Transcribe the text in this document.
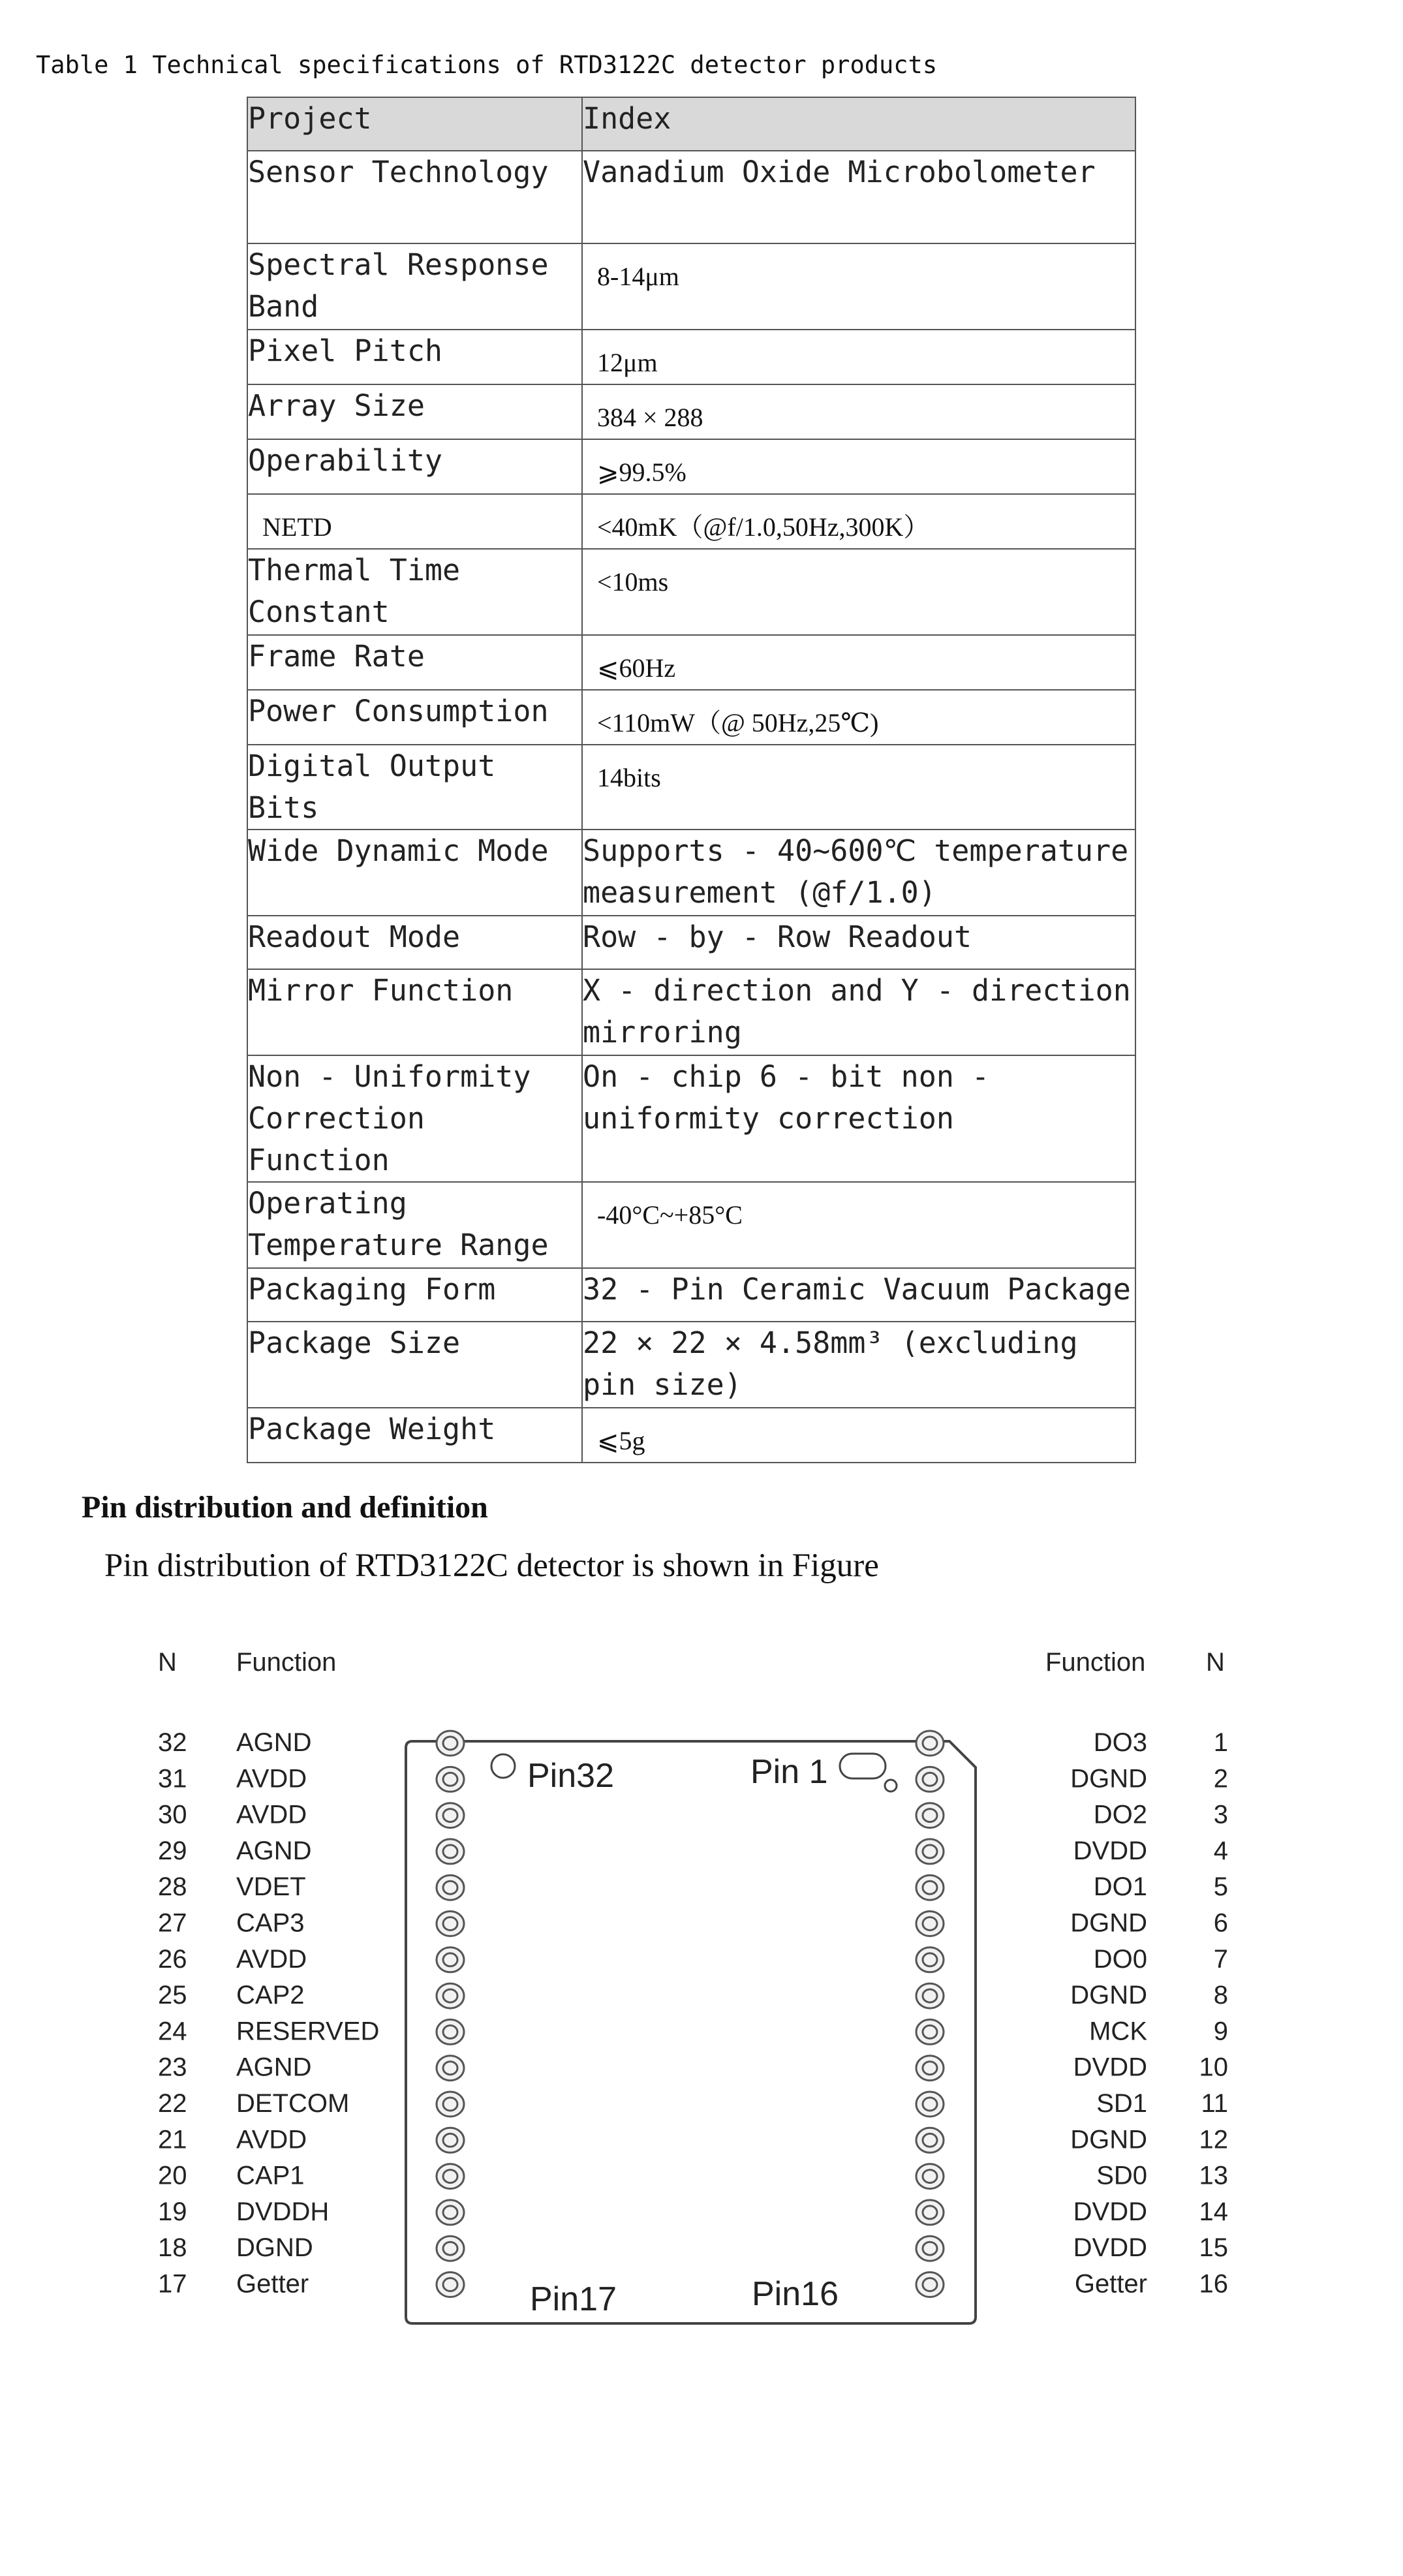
Table 1 Technical specifications of RTD3122C detector products
Project	Index
Sensor Technology	Vanadium Oxide Microbolometer
Spectral Response Band	8-14μm
Pixel Pitch	12μm
Array Size	384 × 288
Operability	⩾99.5%
NETD	<40mK（@f/1.0,50Hz,300K）
Thermal Time Constant	<10ms
Frame Rate	⩽60Hz
Power Consumption	<110mW（@ 50Hz,25℃)
Digital Output Bits	14bits
Wide Dynamic Mode	Supports - 40~600℃ temperature measurement (@f/1.0)
Readout Mode	Row - by - Row Readout
Mirror Function	X - direction and Y - direction mirroring
Non - Uniformity Correction Function	On - chip 6 - bit non - uniformity correction
Operating Temperature Range	-40°C~+85°C
Packaging Form	32 - Pin Ceramic Vacuum Package
Package Size	22 × 22 × 4.58mm³ (excluding pin size)
Package Weight	⩽5g
Pin distribution and definition
Pin distribution of RTD3122C detector is shown in Figure
N Function	Function N
Pin32	Pin 1
Pin17	Pin16
32 AGND
31 AVDD
30 AVDD
29 AGND
28 VDET
27 CAP3
26 AVDD
25 CAP2
24 RESERVED
23 AGND
22 DETCOM
21 AVDD
20 CAP1
19 DVDDH
18 DGND
17 Getter
DO3	1
DGND	2
DO2	3
DVDD	4
DO1	5
DGND	6
DO0	7
DGND	8
MCK	9
DVDD 10
SD1 11
DGND 12
SD0 13
DVDD 14
DVDD 15
Getter 16
